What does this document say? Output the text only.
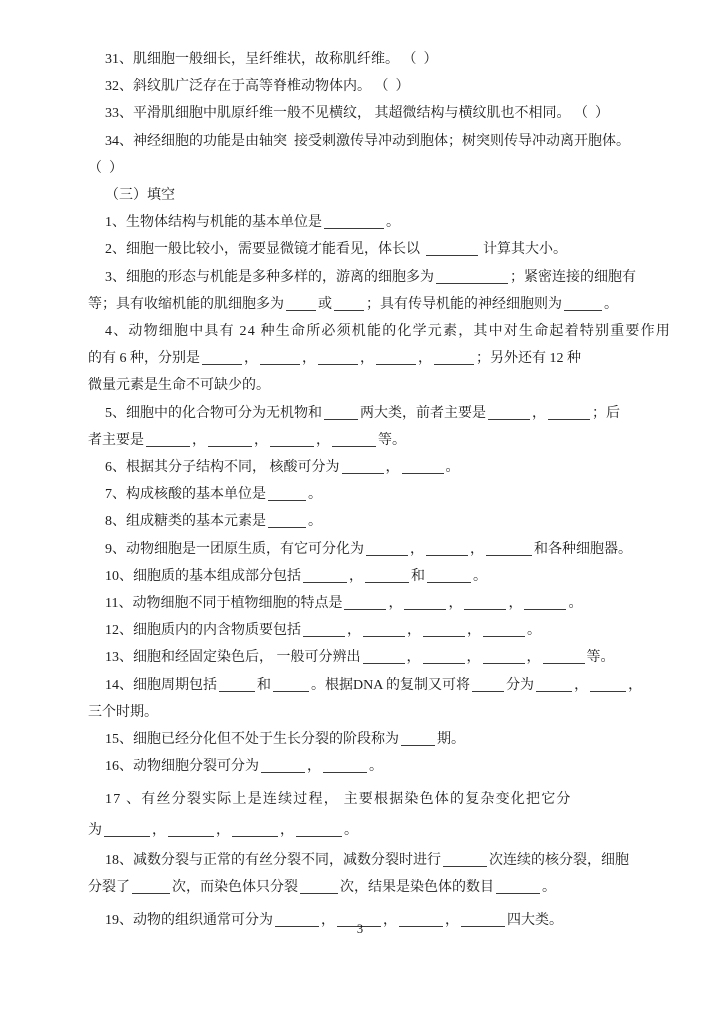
31、肌细胞一般细长，呈纤维状，故称肌纤维。 （  ）
32、斜纹肌广泛存在于高等脊椎动物体内。 （  ）
33、平滑肌细胞中肌原纤维一般不见横纹， 其超微结构与横纹肌也不相同。 （  ）
34、神经细胞的功能是由轴突  接受刺激传导冲动到胞体；树突则传导冲动离开胞体。
（  ）
（三）填空
1、生物体结构与机能的基本单位是	。
2、细胞一般比较小，需要显微镜才能看见，体长以	计算其大小。
3、细胞的形态与机能是多种多样的，游离的细胞多为	；紧密连接的细胞有
等；具有收缩机能的肌细胞多为 或 ；具有传导机能的神经细胞则为	。
4、动物细胞中具有 24 种生命所必须机能的化学元素，其中对生命起着特别重要作用
的有 6 种，分别是	，	，	，	，	；另外还有 12 种
微量元素是生命不可缺少的。
5、细胞中的化合物可分为无机物和	两大类，前者主要是	，	；后
者主要是	，	，	，	等。
6、根据其分子结构不同， 核酸可分为	，	。
7、构成核酸的基本单位是	。
8、组成糖类的基本元素是	。
9、动物细胞是一团原生质，有它可分化为	，	，	和各种细胞器。
10、细胞质的基本组成部分包括	，	和	。
11、动物细胞不同于植物细胞的特点是	，	，	，	。
12、细胞质内的内含物质要包括	，	，	，	。
13、细胞和经固定染色后， 一般可分辨出	，	，	，	等。
14、细胞周期包括	和	。根据DNA 的复制又可将	分为	，	，
三个时期。
15、细胞已经分化但不处于生长分裂的阶段称为	期。
16、动物细胞分裂可分为	，	。
17 、有丝分裂实际上是连续过程， 主要根据染色体的复杂变化把它分
为	，	，	，	。
18、减数分裂与正常的有丝分裂不同，减数分裂时进行	次连续的核分裂，细胞
分裂了	次，而染色体只分裂	次，结果是染色体的数目	。
19、动物的组织通常可分为	，	，	，	四大类。
3
